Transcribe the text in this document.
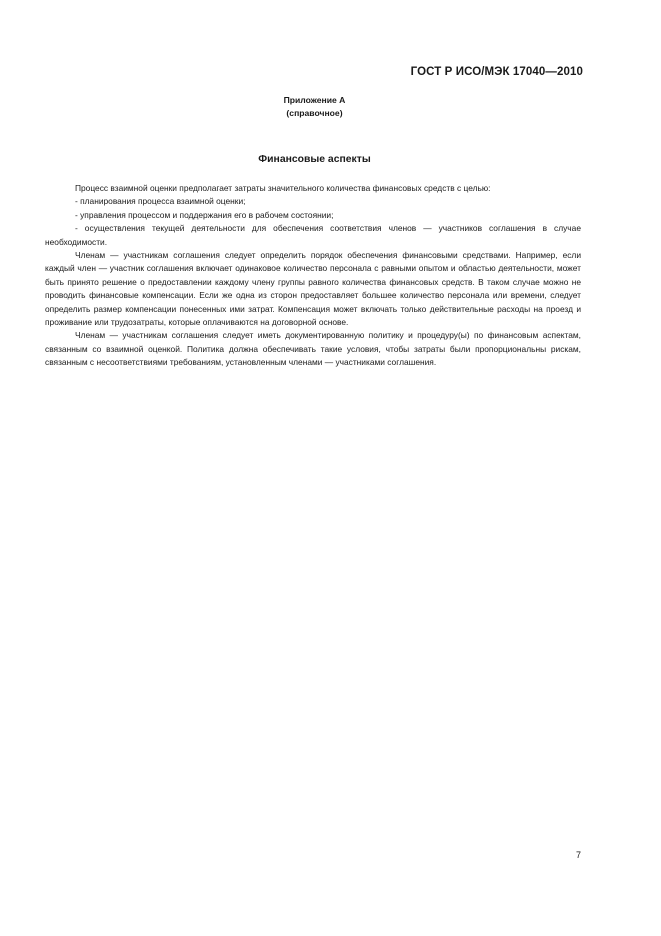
ГОСТ Р ИСО/МЭК 17040—2010
Приложение А
(справочное)
Финансовые аспекты

Процесс взаимной оценки предполагает затраты значительного количества финансовых средств с целью:

- планирования процесса взаимной оценки;

- управления процессом и поддержания его в рабочем состоянии;

- осуществления текущей деятельности для обеспечения соответствия членов — участников соглашения в случае необходимости.

Членам — участникам соглашения следует определить порядок обеспечения финансовыми средствами. Например, если каждый член — участник соглашения включает одинаковое количество персонала с равными опытом и областью деятельности, может быть принято решение о предоставлении каждому члену группы равного количества финансовых средств. В таком случае можно не проводить финансовые компенсации. Если же одна из сторон предоставляет большее количество персонала или времени, следует определить размер компенсации понесенных ими затрат. Компенсация может включать только действительные расходы на проезд и проживание или трудозатраты, которые оплачиваются на договорной основе.

Членам — участникам соглашения следует иметь документированную политику и процедуру(ы) по финансовым аспектам, связанным со взаимной оценкой. Политика должна обеспечивать такие условия, чтобы затраты были пропорциональны рискам, связанным с несоответствиями требованиям, установленным членами — участниками соглашения.

7
